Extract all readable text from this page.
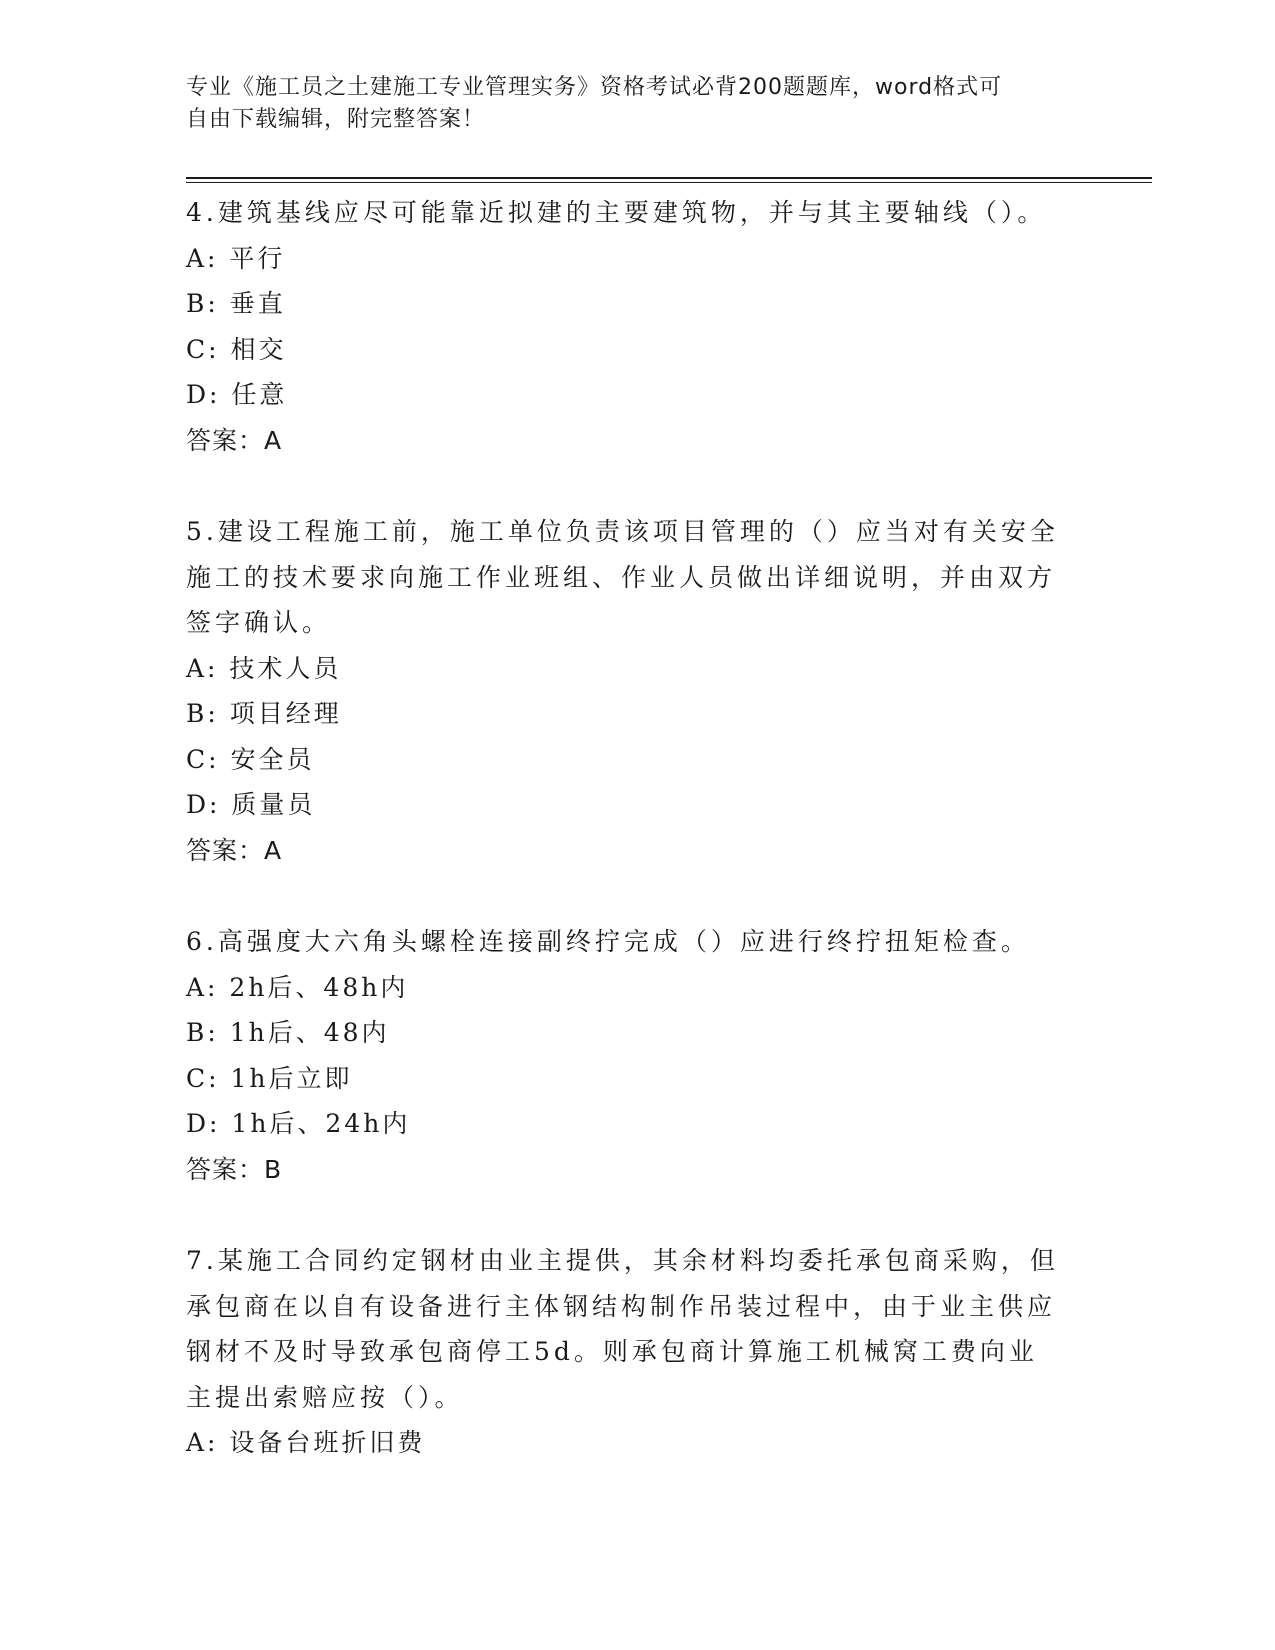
专业《施工员之土建施工专业管理实务》资格考试必背200题题库，word格式可
自由下载编辑，附完整答案！
4.建筑基线应尽可能靠近拟建的主要建筑物，并与其主要轴线（）。
A: 平行
B: 垂直
C: 相交
D: 任意
答案：A
5.建设工程施工前，施工单位负责该项目管理的（）应当对有关安全施工的技术要求向施工作业班组、作业人员做出详细说明，并由双方签字确认。
A: 技术人员
B: 项目经理
C: 安全员
D: 质量员
答案：A
6.高强度大六角头螺栓连接副终拧完成（）应进行终拧扭矩检查。
A: 2h后、48h内
B: 1h后、48内
C: 1h后立即
D: 1h后、24h内
答案：B
7.某施工合同约定钢材由业主提供，其余材料均委托承包商采购，但承包商在以自有设备进行主体钢结构制作吊装过程中，由于业主供应钢材不及时导致承包商停工5d。则承包商计算施工机械窝工费向业主提出索赔应按（）。
A: 设备台班折旧费
